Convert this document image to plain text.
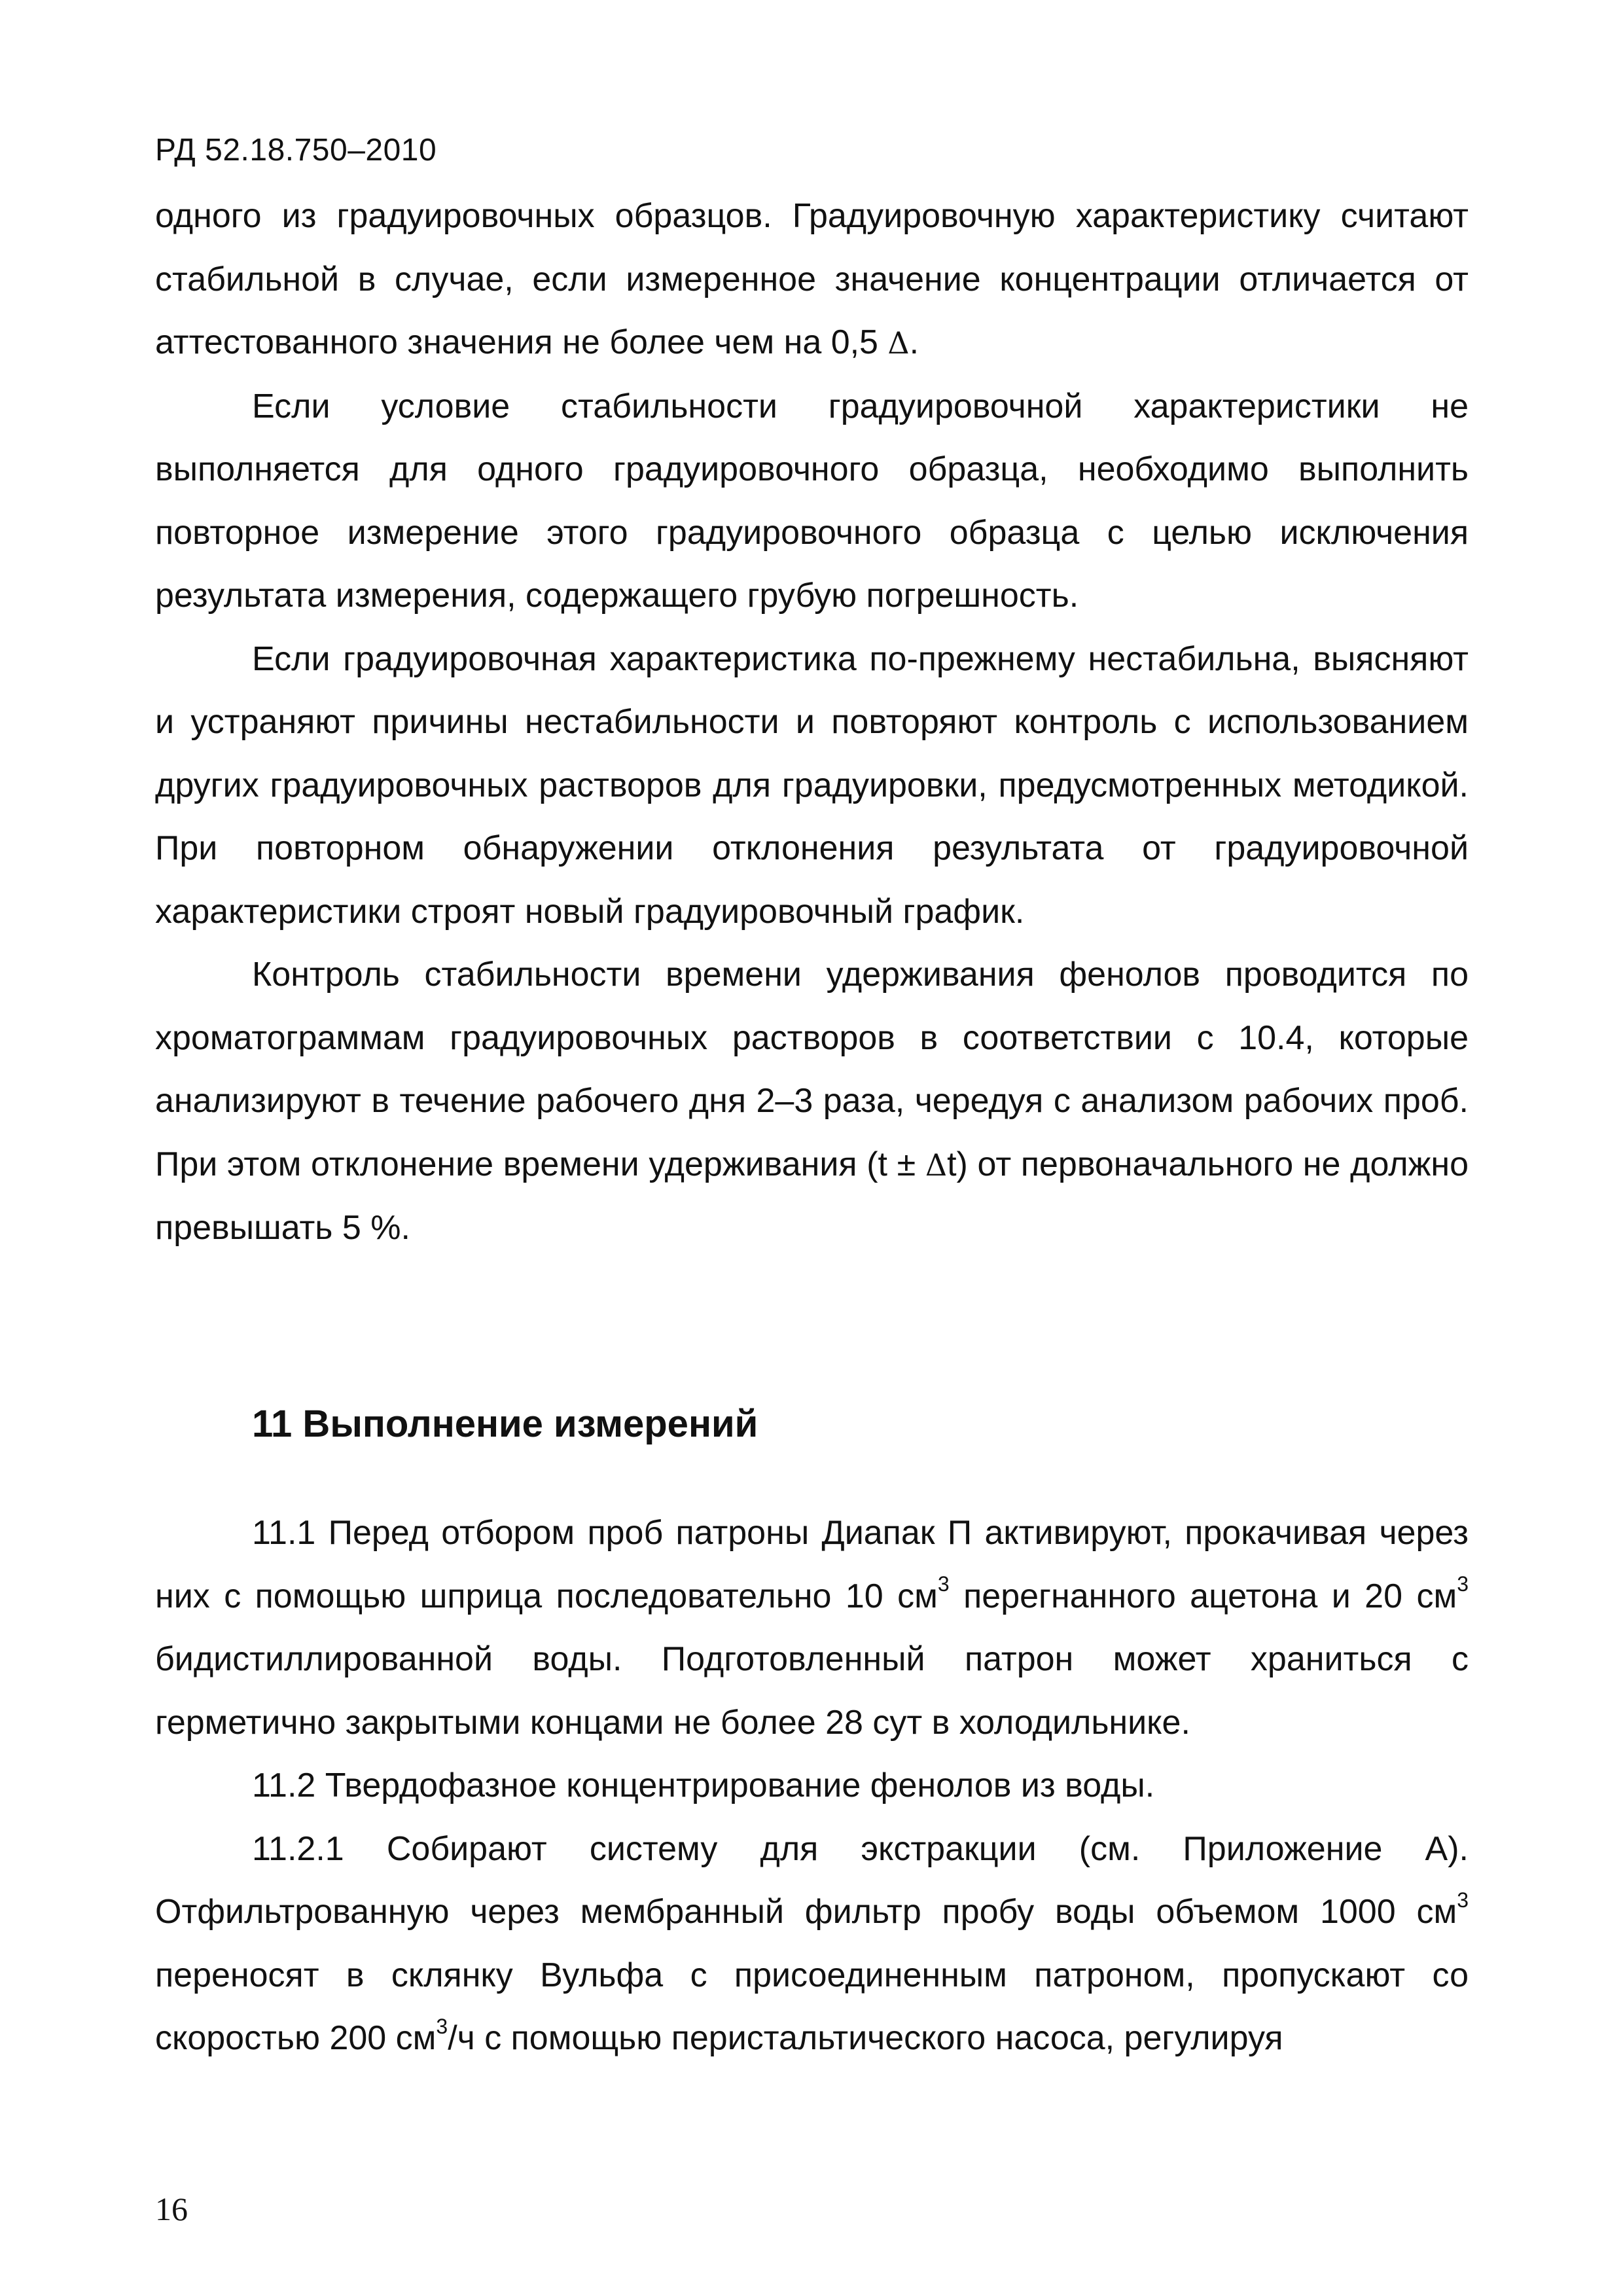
РД 52.18.750–2010

одного из градуировочных образцов. Градуировочную характеристику считают стабильной в случае, если измеренное значение концентрации отличается от аттестованного значения не более чем на 0,5 Δ.

Если условие стабильности градуировочной характеристики не выполняется для одного градуировочного образца, необходимо выполнить повторное измерение этого градуировочного образца с целью исключения результата измерения, содержащего грубую погрешность.

Если градуировочная характеристика по-прежнему нестабильна, выясняют и устраняют причины нестабильности и повторяют контроль с использованием других градуировочных растворов для градуировки, предусмотренных методикой. При повторном обнаружении отклонения результата от градуировочной характеристики строят новый градуировочный график.

Контроль стабильности времени удерживания фенолов проводится по хроматограммам градуировочных растворов в соответствии с 10.4, которые анализируют в течение рабочего дня 2–3 раза, чередуя с анализом рабочих проб. При этом отклонение времени удерживания (t ± Δt) от первоначального не должно превышать 5 %.

11 Выполнение измерений

11.1 Перед отбором проб патроны Диапак П активируют, прокачивая через них с помощью шприца последовательно 10 $см^3$ перегнанного ацетона и 20 $см^3$ бидистиллированной воды. Подготовленный патрон может храниться с герметично закрытыми концами не более 28 сут в холодильнике.

11.2 Твердофазное концентрирование фенолов из воды.

11.2.1 Собирают систему для экстракции (см. Приложение А). Отфильтрованную через мембранный фильтр пробу воды объемом 1000 $см^3$ переносят в склянку Вульфа с присоединенным патроном, пропускают со скоростью 200 $см^3/ч$ с помощью перистальтического насоса, регулируя

16
